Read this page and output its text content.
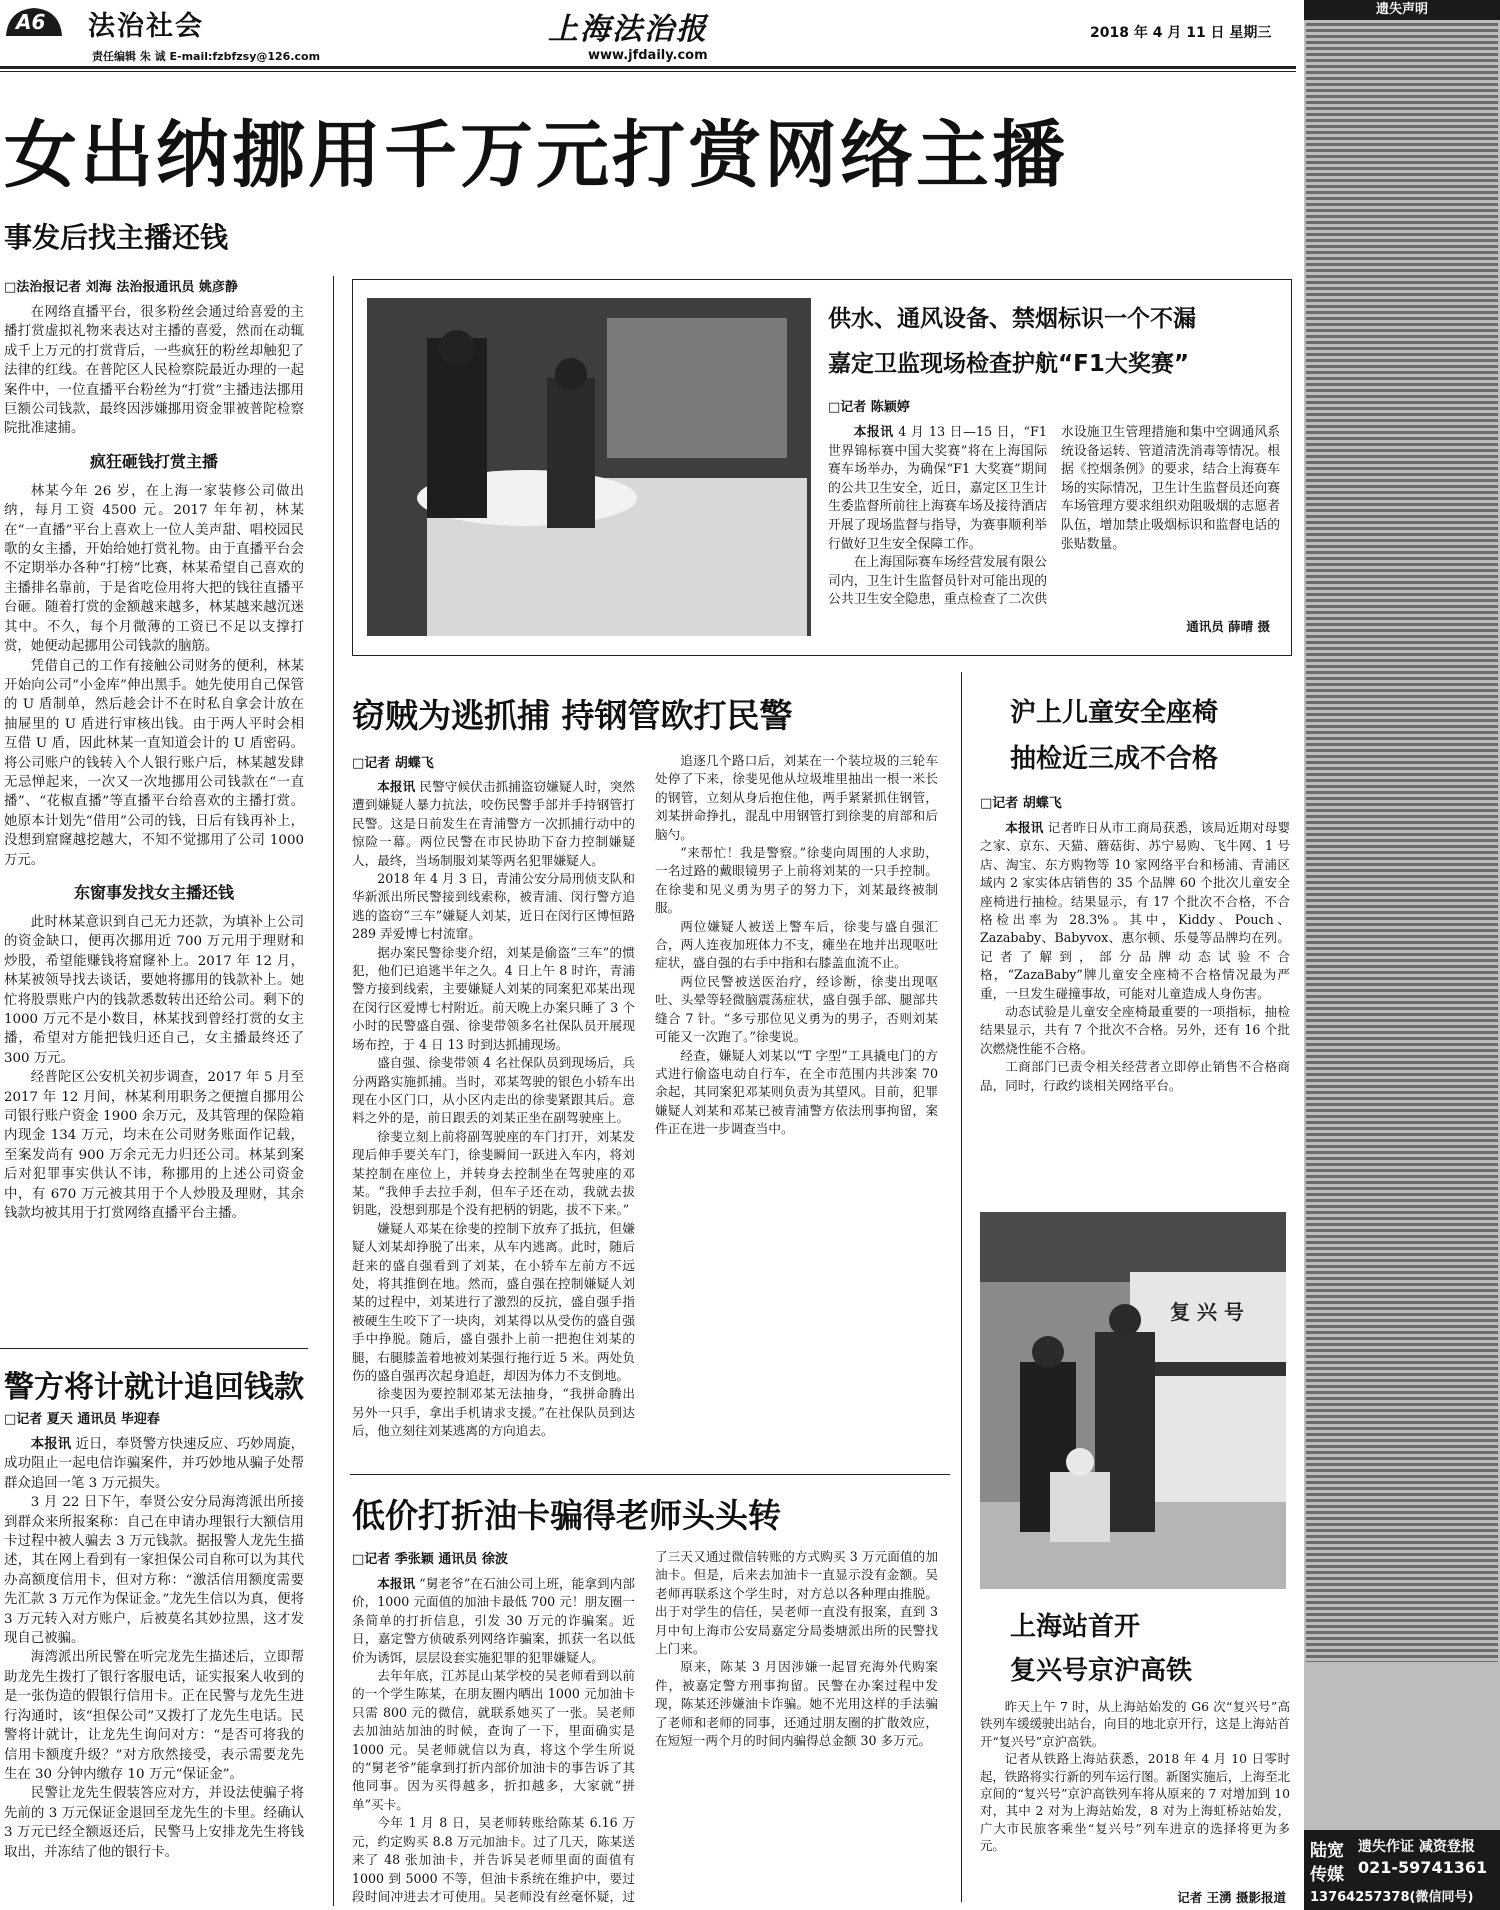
A6 法治社会
责任编辑 朱 诚 E-mail:fzbfzsy@126.com
上海法治报
www.jfdaily.com
2018 年 4 月 11 日 星期三
女出纳挪用千万元打赏网络主播
事发后找主播还钱

□法治报记者 刘海 法治报通讯员 姚彦静

在网络直播平台，很多粉丝会通过给喜爱的主播打赏虚拟礼物来表达对主播的喜爱，然而在动辄成千上万元的打赏背后，一些疯狂的粉丝却触犯了法律的红线。在普陀区人民检察院最近办理的一起案件中，一位直播平台粉丝为“打赏”主播违法挪用巨额公司钱款，最终因涉嫌挪用资金罪被普陀检察院批准逮捕。

疯狂砸钱打赏主播

林某今年 26 岁，在上海一家装修公司做出纳，每月工资 4500 元。2017 年年初，林某在“一直播”平台上喜欢上一位人美声甜、唱校园民歌的女主播，开始给她打赏礼物。由于直播平台会不定期举办各种“打榜”比赛，林某希望自己喜欢的主播排名靠前，于是省吃俭用将大把的钱往直播平台砸。随着打赏的金额越来越多，林某越来越沉迷其中。不久，每个月微薄的工资已不足以支撑打赏，她便动起挪用公司钱款的脑筋。

凭借自己的工作有接触公司财务的便利，林某开始向公司“小金库”伸出黑手。她先使用自己保管的 U 盾制单，然后趁会计不在时私自拿会计放在抽屉里的 U 盾进行审核出钱。由于两人平时会相互借 U 盾，因此林某一直知道会计的 U 盾密码。将公司账户的钱转入个人银行账户后，林某越发肆无忌惮起来，一次又一次地挪用公司钱款在“一直播”、“花椒直播”等直播平台给喜欢的主播打赏。她原本计划先“借用”公司的钱，日后有钱再补上，没想到窟窿越挖越大，不知不觉挪用了公司 1000 万元。

东窗事发找女主播还钱

此时林某意识到自己无力还款，为填补上公司的资金缺口，便再次挪用近 700 万元用于理财和炒股，希望能赚钱将窟窿补上。2017 年 12 月，林某被领导找去谈话，要她将挪用的钱款补上。她忙将股票账户内的钱款悉数转出还给公司。剩下的 1000 万元不是小数目，林某找到曾经打赏的女主播，希望对方能把钱归还自己，女主播最终还了 300 万元。

经普陀区公安机关初步调查，2017 年 5 月至 2017 年 12 月间，林某利用职务之便擅自挪用公司银行账户资金 1900 余万元，及其管理的保险箱内现金 134 万元，均未在公司财务账面作记载，至案发尚有 900 万余元无力归还公司。林某到案后对犯罪事实供认不讳，称挪用的上述公司资金中，有 670 万元被其用于个人炒股及理财，其余钱款均被其用于打赏网络直播平台主播。

警方将计就计追回钱款

□记者 夏天 通讯员 毕迎春

本报讯 近日，奉贤警方快速反应、巧妙周旋，成功阻止一起电信诈骗案件，并巧妙地从骗子处帮群众追回一笔 3 万元损失。

3 月 22 日下午，奉贤公安分局海湾派出所接到群众来所报案称：自己在申请办理银行大额信用卡过程中被人骗去 3 万元钱款。据报警人龙先生描述，其在网上看到有一家担保公司自称可以为其代办高额度信用卡，但对方称：“激活信用额度需要先汇款 3 万元作为保证金。”龙先生信以为真，便将 3 万元转入对方账户，后被莫名其妙拉黑，这才发现自己被骗。

海湾派出所民警在听完龙先生描述后，立即帮助龙先生拨打了银行客服电话，证实报案人收到的是一张伪造的假银行信用卡。正在民警与龙先生进行沟通时，该“担保公司”又拨打了龙先生电话。民警将计就计，让龙先生询问对方：“是否可将我的信用卡额度升级？”对方欣然接受，表示需要龙先生在 30 分钟内缴存 10 万元“保证金”。

民警让龙先生假装答应对方，并设法使骗子将先前的 3 万元保证金退回至龙先生的卡里。经确认 3 万元已经全额返还后，民警马上安排龙先生将钱取出，并冻结了他的银行卡。

供水、通风设备、禁烟标识一个不漏
嘉定卫监现场检查护航“F1大奖赛”
□记者 陈颖婷

本报讯 4 月 13 日—15 日，“F1 世界锦标赛中国大奖赛”将在上海国际赛车场举办，为确保“F1 大奖赛”期间的公共卫生安全，近日，嘉定区卫生计生委监督所前往上海赛车场及接待酒店开展了现场监督与指导，为赛事顺利举行做好卫生安全保障工作。

在上海国际赛车场经营发展有限公司内，卫生计生监督员针对可能出现的公共卫生安全隐患，重点检查了二次供水设施卫生管理措施和集中空调通风系统设备运转、管道清洗消毒等情况。根据《控烟条例》的要求，结合上海赛车场的实际情况，卫生计生监督员还向赛车场管理方要求组织劝阻吸烟的志愿者队伍，增加禁止吸烟标识和监督电话的张贴数量。

通讯员 薛晴 摄
窃贼为逃抓捕 持钢管欧打民警
□记者 胡蝶飞

本报讯 民警守候伏击抓捕盗窃嫌疑人时，突然遭到嫌疑人暴力抗法，咬伤民警手部并手持钢管打民警。这是日前发生在青浦警方一次抓捕行动中的惊险一幕。两位民警在市民协助下奋力控制嫌疑人，最终，当场制服刘某等两名犯罪嫌疑人。

2018 年 4 月 3 日，青浦公安分局刑侦支队和华新派出所民警接到线索称，被青浦、闵行警方追逃的盗窃“三车”嫌疑人刘某，近日在闵行区博恒路 289 弄爱博七村流窜。

据办案民警徐斐介绍，刘某是偷盗“三车”的惯犯，他们已追逃半年之久。4 日上午 8 时许，青浦警方接到线索，主要嫌疑人刘某的同案犯邓某出现在闵行区爱博七村附近。前天晚上办案只睡了 3 个小时的民警盛自强、徐斐带领多名社保队员开展现场布控，于 4 日 13 时到达抓捕现场。

盛自强、徐斐带领 4 名社保队员到现场后，兵分两路实施抓捕。当时，邓某驾驶的银色小轿车出现在小区门口，从小区内走出的徐斐紧跟其后。意料之外的是，前日跟丢的刘某正坐在副驾驶座上。

徐斐立刻上前将副驾驶座的车门打开，刘某发现后伸手要关车门，徐斐瞬间一跃进入车内，将刘某控制在座位上，并转身去控制坐在驾驶座的邓某。“我伸手去拉手刹，但车子还在动，我就去拔钥匙，没想到那是个没有把柄的钥匙，拔不下来。”

嫌疑人邓某在徐斐的控制下放弃了抵抗，但嫌疑人刘某却挣脱了出来，从车内逃离。此时，随后赶来的盛自强看到了刘某，在小轿车左前方不远处，将其推倒在地。然而，盛自强在控制嫌疑人刘某的过程中，刘某进行了激烈的反抗，盛自强手指被硬生生咬下了一块肉，刘某得以从受伤的盛自强手中挣脱。随后，盛自强扑上前一把抱住刘某的腿，右腿膝盖着地被刘某强行拖行近 5 米。两处负伤的盛自强再次起身追赶，却因为体力不支倒地。

徐斐因为要控制邓某无法抽身，“我拼命腾出另外一只手，拿出手机请求支援。”在社保队员到达后，他立刻往刘某逃离的方向追去。

追逐几个路口后，刘某在一个装垃圾的三轮车处停了下来，徐斐见他从垃圾堆里抽出一根一米长的钢管，立刻从身后抱住他，两手紧紧抓住钢管，刘某拼命挣扎，混乱中用钢管打到徐斐的肩部和后脑勺。

“来帮忙！我是警察。”徐斐向周围的人求助，一名过路的戴眼镜男子上前将刘某的一只手控制。在徐斐和见义勇为男子的努力下，刘某最终被制服。

两位嫌疑人被送上警车后，徐斐与盛自强汇合，两人连夜加班体力不支，瘫坐在地并出现呕吐症状，盛自强的右手中指和右膝盖血流不止。

两位民警被送医治疗，经诊断，徐斐出现呕吐、头晕等轻微脑震荡症状，盛自强手部、腿部共缝合 7 针。“多亏那位见义勇为的男子，否则刘某可能又一次跑了。”徐斐说。

经查，嫌疑人刘某以“T 字型”工具撬电门的方式进行偷盗电动自行车，在全市范围内共涉案 70 余起，其同案犯邓某则负责为其望风。目前，犯罪嫌疑人刘某和邓某已被青浦警方依法刑事拘留，案件正在进一步调查当中。

低价打折油卡骗得老师头头转

□记者 季张颖 通讯员 徐波

本报讯 “舅老爷”在石油公司上班，能拿到内部价，1000 元面值的加油卡最低 700 元！朋友圈一条简单的打折信息，引发 30 万元的诈骗案。近日，嘉定警方侦破系列网络诈骗案，抓获一名以低价为诱饵，层层设套实施犯罪的犯罪嫌疑人。

去年年底，江苏昆山某学校的吴老师看到以前的一个学生陈某，在朋友圈内晒出 1000 元加油卡只需 800 元的微信，就联系她买了一张。吴老师去加油站加油的时候，查询了一下，里面确实是 1000 元。吴老师就信以为真，将这个学生所说的“舅老爷”能拿到打折内部价加油卡的事告诉了其他同事。因为买得越多，折扣越多，大家就“拼单”买卡。

今年 1 月 8 日，吴老师转账给陈某 6.16 万元，约定购买 8.8 万元加油卡。过了几天，陈某送来了 48 张加油卡，并告诉吴老师里面的面值有 1000 到 5000 不等，但油卡系统在维护中，要过段时间冲进去才可使用。吴老师没有丝毫怀疑，过了三天又通过微信转账的方式购买 3 万元面值的加油卡。但是，后来去加油卡一直显示没有金额。吴老师再联系这个学生时，对方总以各种理由推脱。出于对学生的信任，吴老师一直没有报案，直到 3 月中旬上海市公安局嘉定分局娄塘派出所的民警找上门来。

原来，陈某 3 月因涉嫌一起冒充海外代购案件，被嘉定警方刑事拘留。民警在办案过程中发现，陈某还涉嫌油卡诈骗。她不光用这样的手法骗了老师和老师的同事，还通过朋友圈的扩散效应，在短短一两个月的时间内骗得总金额 30 多万元。

沪上儿童安全座椅
抽检近三成不合格

□记者 胡蝶飞

本报讯 记者昨日从市工商局获悉，该局近期对母婴之家、京东、天猫、蘑菇街、苏宁易购、飞牛网、1 号店、淘宝、东方购物等 10 家网络平台和杨浦、青浦区域内 2 家实体店销售的 35 个品牌 60 个批次儿童安全座椅进行抽检。结果显示，有 17 个批次不合格，不合格检出率为 28.3%。其中，Kiddy、Pouch、Zazababy、Babyvox、惠尔顿、乐曼等品牌均在列。记者了解到，部分品牌动态试验不合格，“ZazaBaby”牌儿童安全座椅不合格情况最为严重，一旦发生碰撞事故，可能对儿童造成人身伤害。

动态试验是儿童安全座椅最重要的一项指标，抽检结果显示，共有 7 个批次不合格。另外，还有 16 个批次燃烧性能不合格。

工商部门已责令相关经营者立即停止销售不合格商品，同时，行政约谈相关网络平台。

复 兴 号
上海站首开
复兴号京沪高铁

昨天上午 7 时，从上海站始发的 G6 次“复兴号”高铁列车缓缓驶出站台，向目的地北京开行，这是上海站首开“复兴号”京沪高铁。

记者从铁路上海站获悉，2018 年 4 月 10 日零时起，铁路将实行新的列车运行图。新图实施后，上海至北京间的“复兴号”京沪高铁列车将从原来的 7 对增加到 10 对，其中 2 对为上海站始发，8 对为上海虹桥站始发，广大市民旅客乘坐“复兴号”列车进京的选择将更为多元。

记者 王湧 摄影报道
遗失声明
陆宽
传媒
遗失作证 减资登报
021-59741361
13764257378(微信同号)
